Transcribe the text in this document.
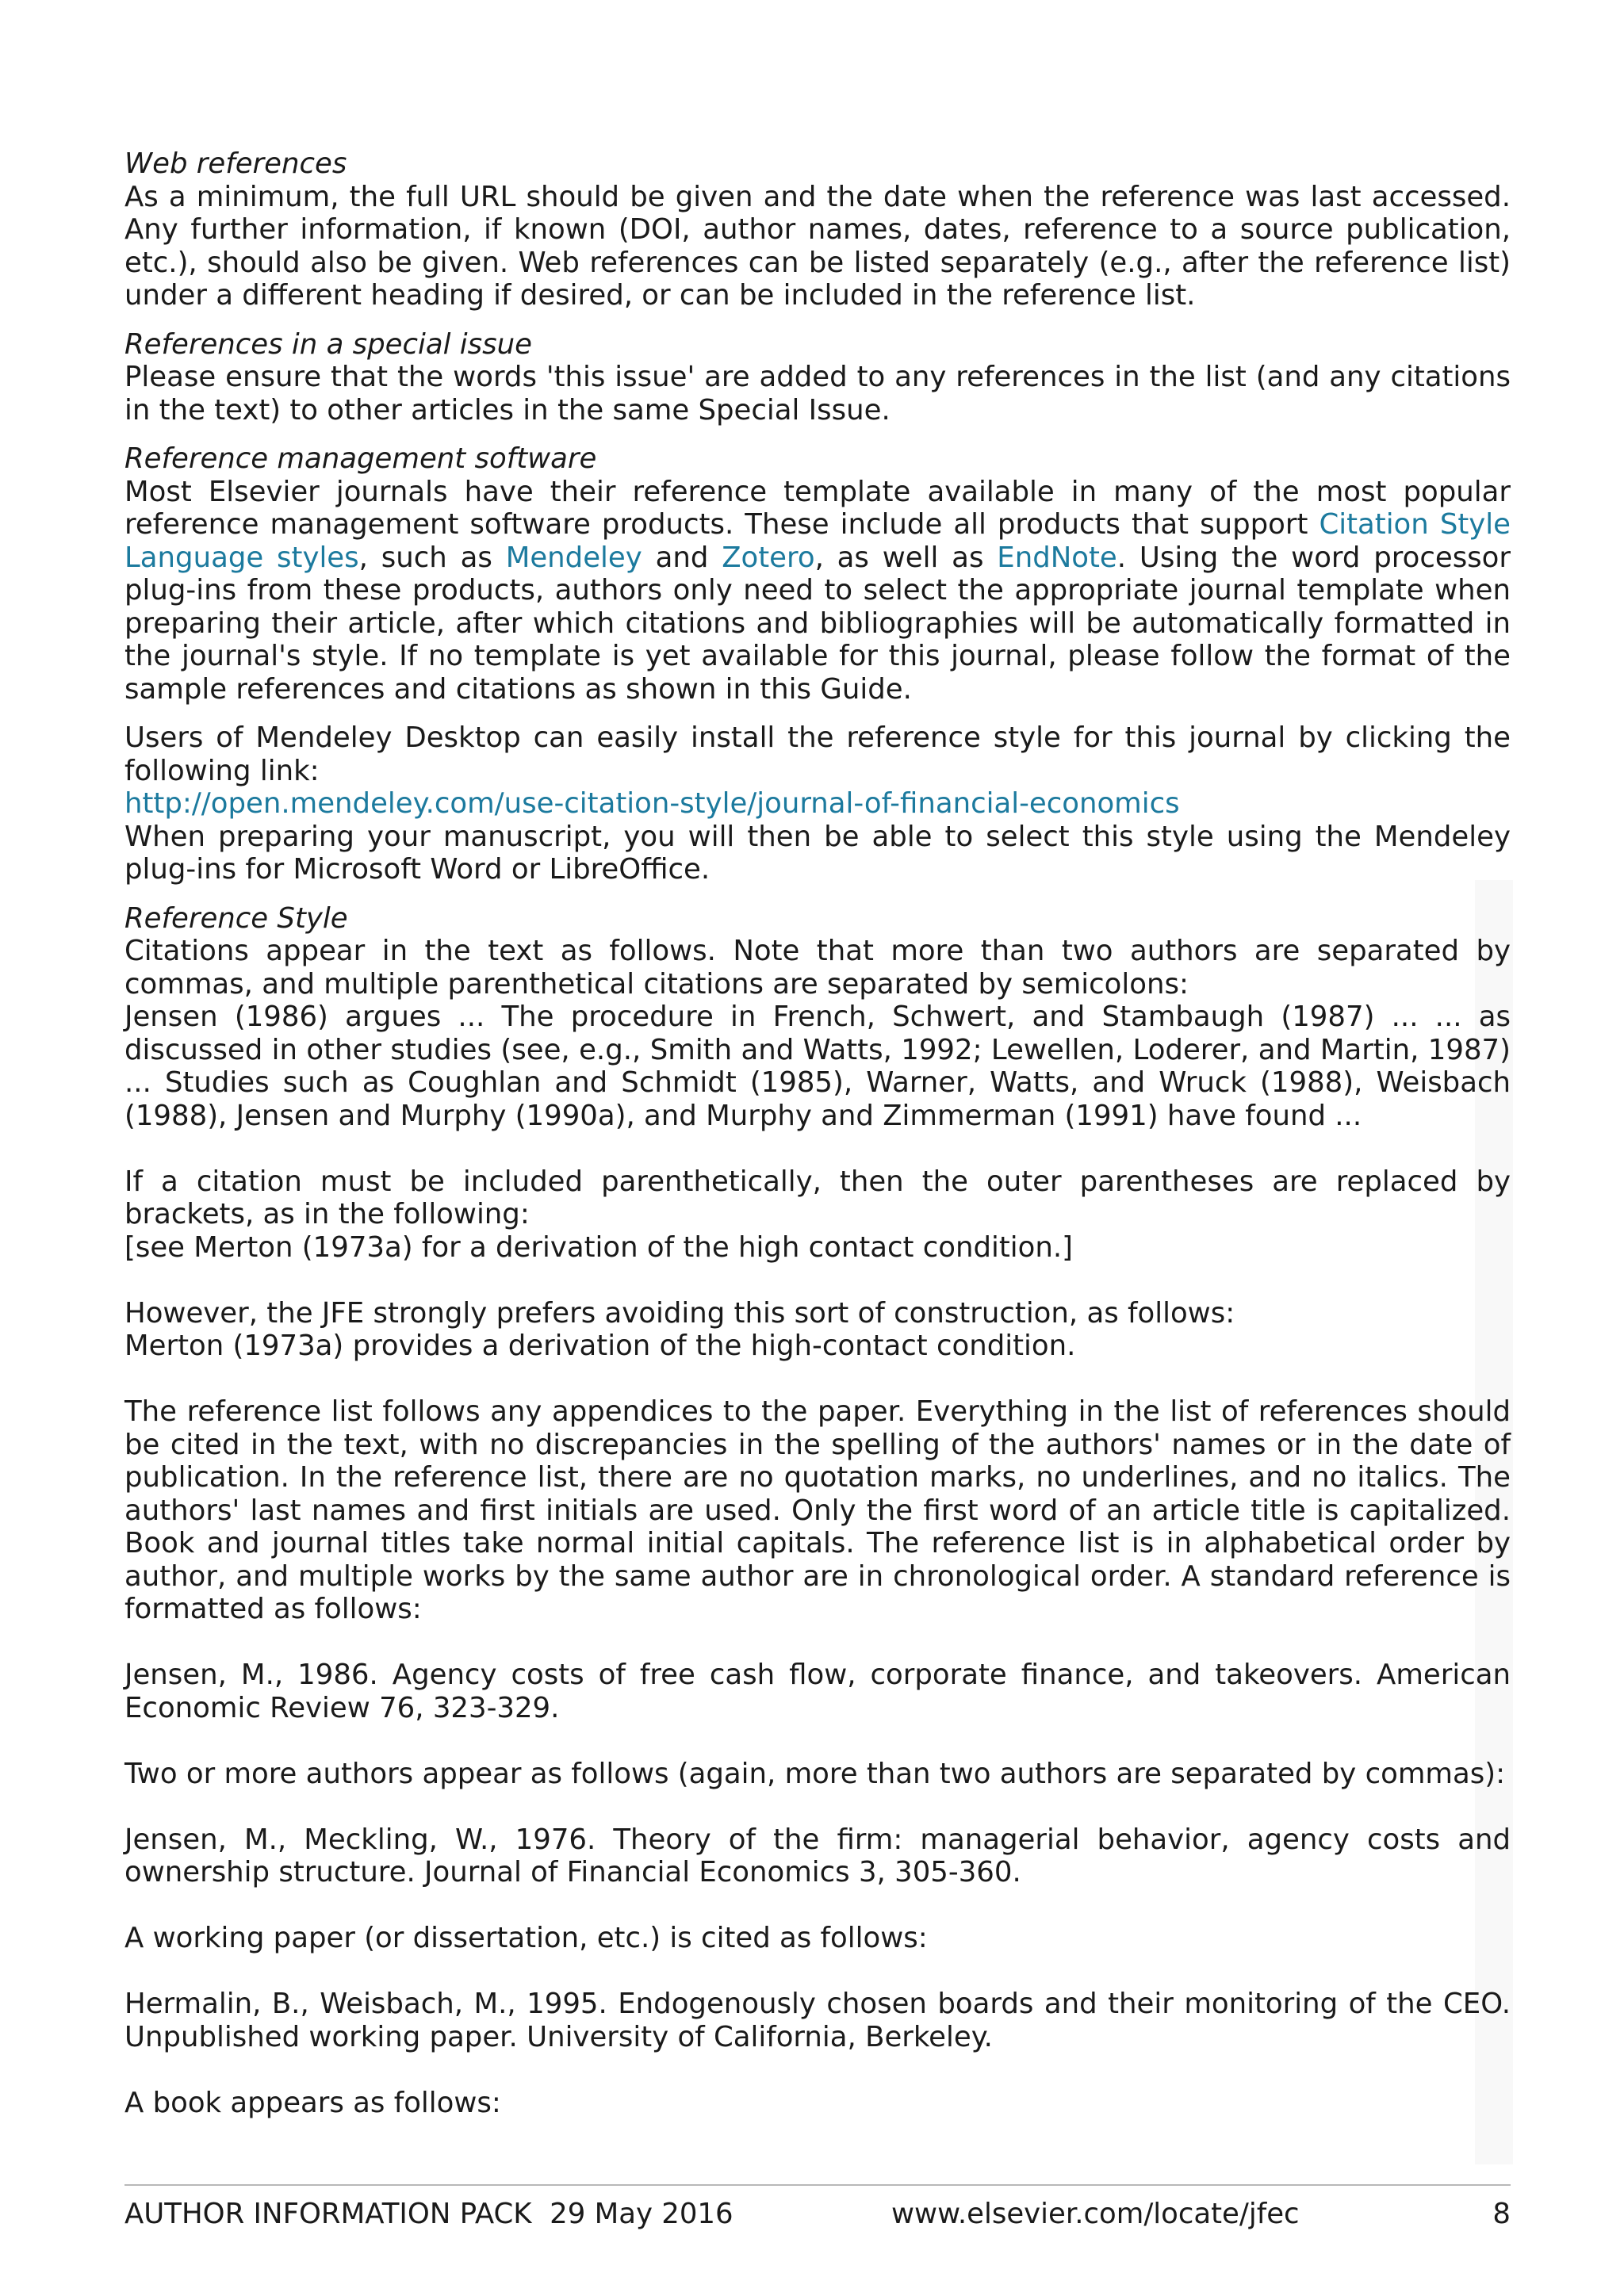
Web references

As a minimum, the full URL should be given and the date when the reference was last accessed. Any further information, if known (DOI, author names, dates, reference to a source publication, etc.), should also be given. Web references can be listed separately (e.g., after the reference list) under a different heading if desired, or can be included in the reference list.

References in a special issue

Please ensure that the words 'this issue' are added to any references in the list (and any citations in the text) to other articles in the same Special Issue.

Reference management software

Most Elsevier journals have their reference template available in many of the most popular reference management software products. These include all products that support Citation Style Language styles, such as Mendeley and Zotero, as well as EndNote. Using the word processor plug-ins from these products, authors only need to select the appropriate journal template when preparing their article, after which citations and bibliographies will be automatically formatted in the journal's style. If no template is yet available for this journal, please follow the format of the sample references and citations as shown in this Guide.

Users of Mendeley Desktop can easily install the reference style for this journal by clicking the following link:

http://open.mendeley.com/use-citation-style/journal-of-financial-economics

When preparing your manuscript, you will then be able to select this style using the Mendeley plug-ins for Microsoft Word or LibreOffice.

Reference Style

Citations appear in the text as follows. Note that more than two authors are separated by commas, and multiple parenthetical citations are separated by semicolons:

Jensen (1986) argues ... The procedure in French, Schwert, and Stambaugh (1987) ... ... as discussed in other studies (see, e.g., Smith and Watts, 1992; Lewellen, Loderer, and Martin, 1987) ... Studies such as Coughlan and Schmidt (1985), Warner, Watts, and Wruck (1988), Weisbach (1988), Jensen and Murphy (1990a), and Murphy and Zimmerman (1991) have found ...

If a citation must be included parenthetically, then the outer parentheses are replaced by brackets, as in the following:

[see Merton (1973a) for a derivation of the high contact condition.]

However, the JFE strongly prefers avoiding this sort of construction, as follows:

Merton (1973a) provides a derivation of the high-contact condition.

The reference list follows any appendices to the paper. Everything in the list of references should be cited in the text, with no discrepancies in the spelling of the authors' names or in the date of publication. In the reference list, there are no quotation marks, no underlines, and no italics. The authors' last names and first initials are used. Only the first word of an article title is capitalized. Book and journal titles take normal initial capitals. The reference list is in alphabetical order by author, and multiple works by the same author are in chronological order. A standard reference is formatted as follows:

Jensen, M., 1986. Agency costs of free cash flow, corporate finance, and takeovers. American Economic Review 76, 323-329.

Two or more authors appear as follows (again, more than two authors are separated by commas):

Jensen, M., Meckling, W., 1976. Theory of the firm: managerial behavior, agency costs and ownership structure. Journal of Financial Economics 3, 305-360.

A working paper (or dissertation, etc.) is cited as follows:

Hermalin, B., Weisbach, M., 1995. Endogenously chosen boards and their monitoring of the CEO. Unpublished working paper. University of California, Berkeley.

A book appears as follows:

AUTHOR INFORMATION PACK  29 May 2016	www.elsevier.com/locate/jfec	8
